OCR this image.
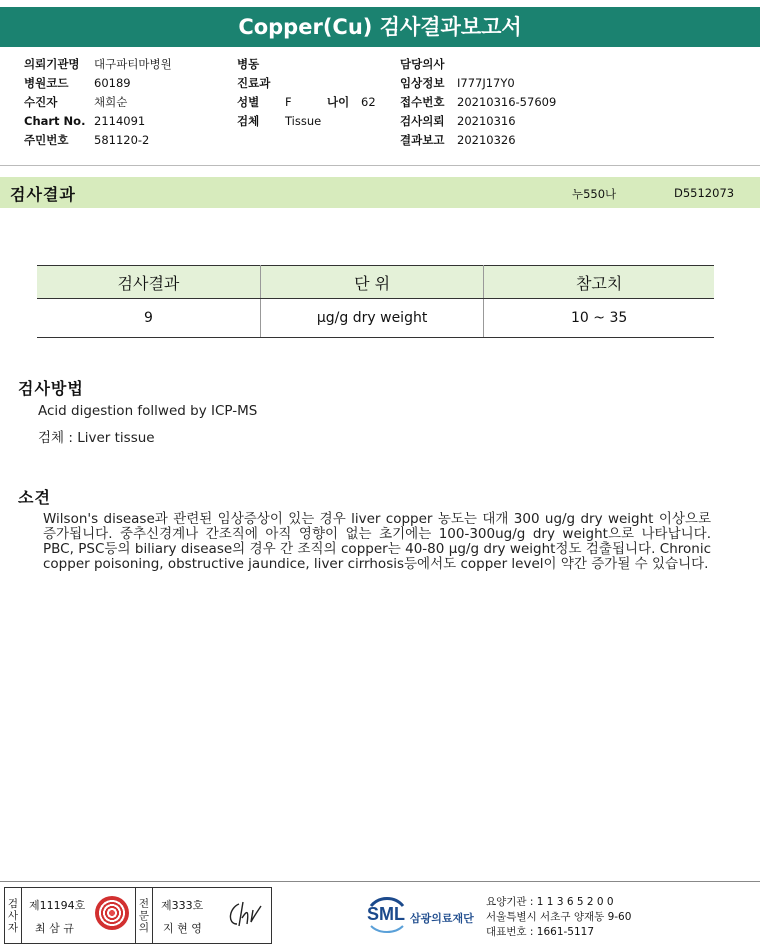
Copper(Cu) 검사결과보고서
의뢰기관명 대구파티마병원
병원코드 60189
수진자	채희순
Chart No. 2114091
주민번호 581120-2
병동
진료과
성별 F	나이 62
검체 Tissue
담당의사
임상정보 I777J17Y0
접수번호 20210316-57609
검사의뢰 20210316
결과보고 20210326
검사결과	누550나	D5512073
검사결과	단 위	참고치
9	µg/g dry weight	10 ~ 35
검사방법
Acid digestion follwed by ICP-MS
검체 : Liver tissue
소견
Wilson's disease과 관련된 임상증상이 있는 경우 liver copper 농도는 대개 300 ug/g dry weight 이상으로 증가됩니다. 중추신경계나 간조직에 아직 영향이 없는 초기에는 100-300ug/g dry weight으로 나타납니다. PBC, PSC등의 biliary disease의 경우 간 조직의 copper는 40-80 µg/g dry weight정도 검출됩니다. Chronic copper poisoning, obstructive jaundice, liver cirrhosis등에서도 copper level이 약간 증가될 수 있습니다.
검사자
제11194호
최 삼 규
전문의
제333호
지 현 영
SML 삼광의료재단
요양기관 : 1 1 3 6 5 2 0 0
서울특별시 서초구 양재동 9-60
대표번호 : 1661-5117
